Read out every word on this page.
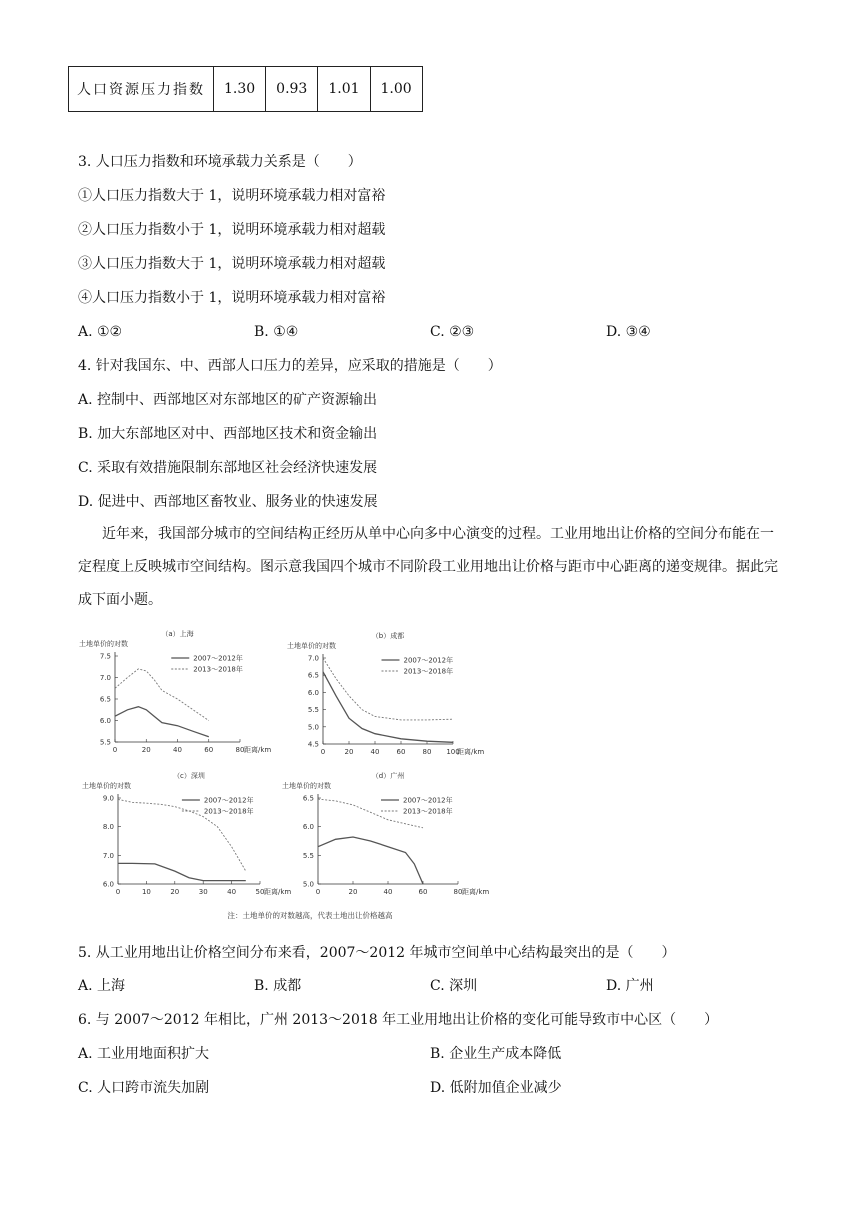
人口资源压力指数	1.30	0.93	1.01	1.00
3. 人口压力指数和环境承载力关系是（　　）
①人口压力指数大于 1，说明环境承载力相对富裕
②人口压力指数小于 1，说明环境承载力相对超载
③人口压力指数大于 1，说明环境承载力相对超载
④人口压力指数小于 1，说明环境承载力相对富裕
A. ①②	B. ①④	C. ②③	D. ③④
4. 针对我国东、中、西部人口压力的差异，应采取的措施是（　　）
A. 控制中、西部地区对东部地区的矿产资源输出
B. 加大东部地区对中、西部地区技术和资金输出
C. 采取有效措施限制东部地区社会经济快速发展
D. 促进中、西部地区畜牧业、服务业的快速发展
近年来，我国部分城市的空间结构正经历从单中心向多中心演变的过程。工业用地出让价格的空间分布能在一定程度上反映城市空间结构。图示意我国四个城市不同阶段工业用地出让价格与距市中心距离的递变规律。据此完成下面小题。
（a）上海
土地单价的对数
5.5
6.0
6.5
7.0
7.5
0	20	40	60	80 距离/km
2007～2012年
2013～2018年
（b）成都
土地单价的对数
4.5
5.0
5.5
6.0
6.5
7.0
0	20 40 60 80 100
距离/km
2007～2012年
2013～2018年
（c）深圳
土地单价的对数
6.0
7.0
8.0
9.0
0	10	20	30	40	50 距离/km
2007～2012年
2013～2018年
（d）广州
土地单价的对数
5.0
5.5
6.0
6.5
0	20	40	60	80 距离/km
2007～2012年
2013～2018年
注：土地单价的对数越高，代表土地出让价格越高
5. 从工业用地出让价格空间分布来看，2007～2012 年城市空间单中心结构最突出的是（　　）
A. 上海	B. 成都	C. 深圳	D. 广州
6. 与 2007～2012 年相比，广州 2013～2018 年工业用地出让价格的变化可能导致市中心区（　　）
A. 工业用地面积扩大	B. 企业生产成本降低
C. 人口跨市流失加剧	D. 低附加值企业减少
